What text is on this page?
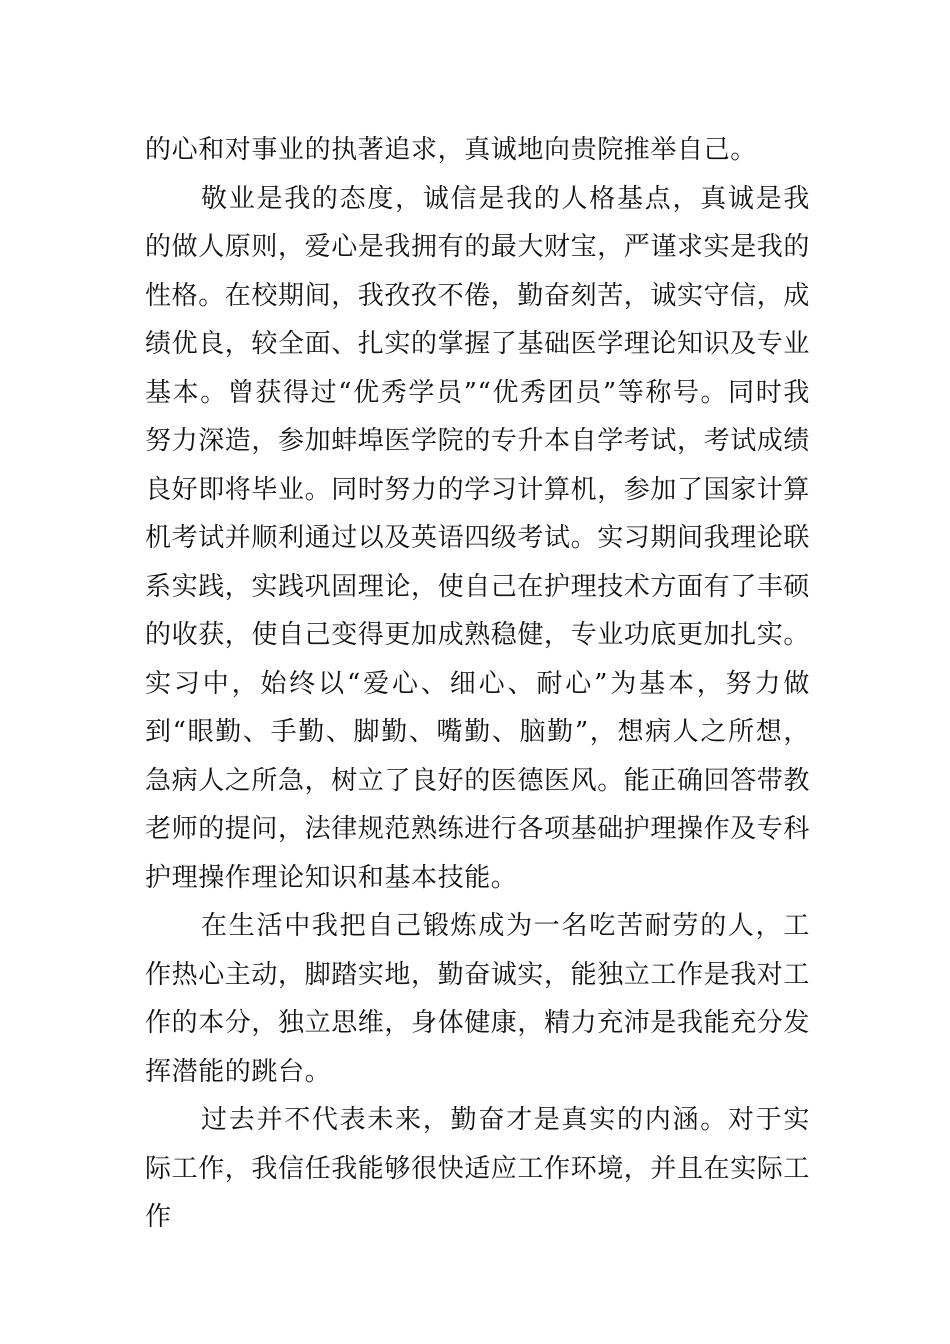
的心和对事业的执著追求，真诚地向贵院推举自己。

敬业是我的态度，诚信是我的人格基点，真诚是我的做人原则，爱心是我拥有的最大财宝，严谨求实是我的性格。在校期间，我孜孜不倦，勤奋刻苦，诚实守信，成绩优良，较全面、扎实的掌握了基础医学理论知识及专业基本。曾获得过“优秀学员”“优秀团员”等称号。同时我努力深造，参加蚌埠医学院的专升本自学考试，考试成绩良好即将毕业。同时努力的学习计算机，参加了国家计算机考试并顺利通过以及英语四级考试。实习期间我理论联系实践，实践巩固理论，使自己在护理技术方面有了丰硕的收获，使自己变得更加成熟稳健，专业功底更加扎实。实习中，始终以“爱心、细心、耐心”为基本，努力做到“眼勤、手勤、脚勤、嘴勤、脑勤”，想病人之所想，急病人之所急，树立了良好的医德医风。能正确回答带教老师的提问，法律规范熟练进行各项基础护理操作及专科护理操作理论知识和基本技能。

在生活中我把自己锻炼成为一名吃苦耐劳的人，工作热心主动，脚踏实地，勤奋诚实，能独立工作是我对工作的本分，独立思维，身体健康，精力充沛是我能充分发挥潜能的跳台。

过去并不代表未来，勤奋才是真实的内涵。对于实际工作，我信任我能够很快适应工作环境，并且在实际工作
